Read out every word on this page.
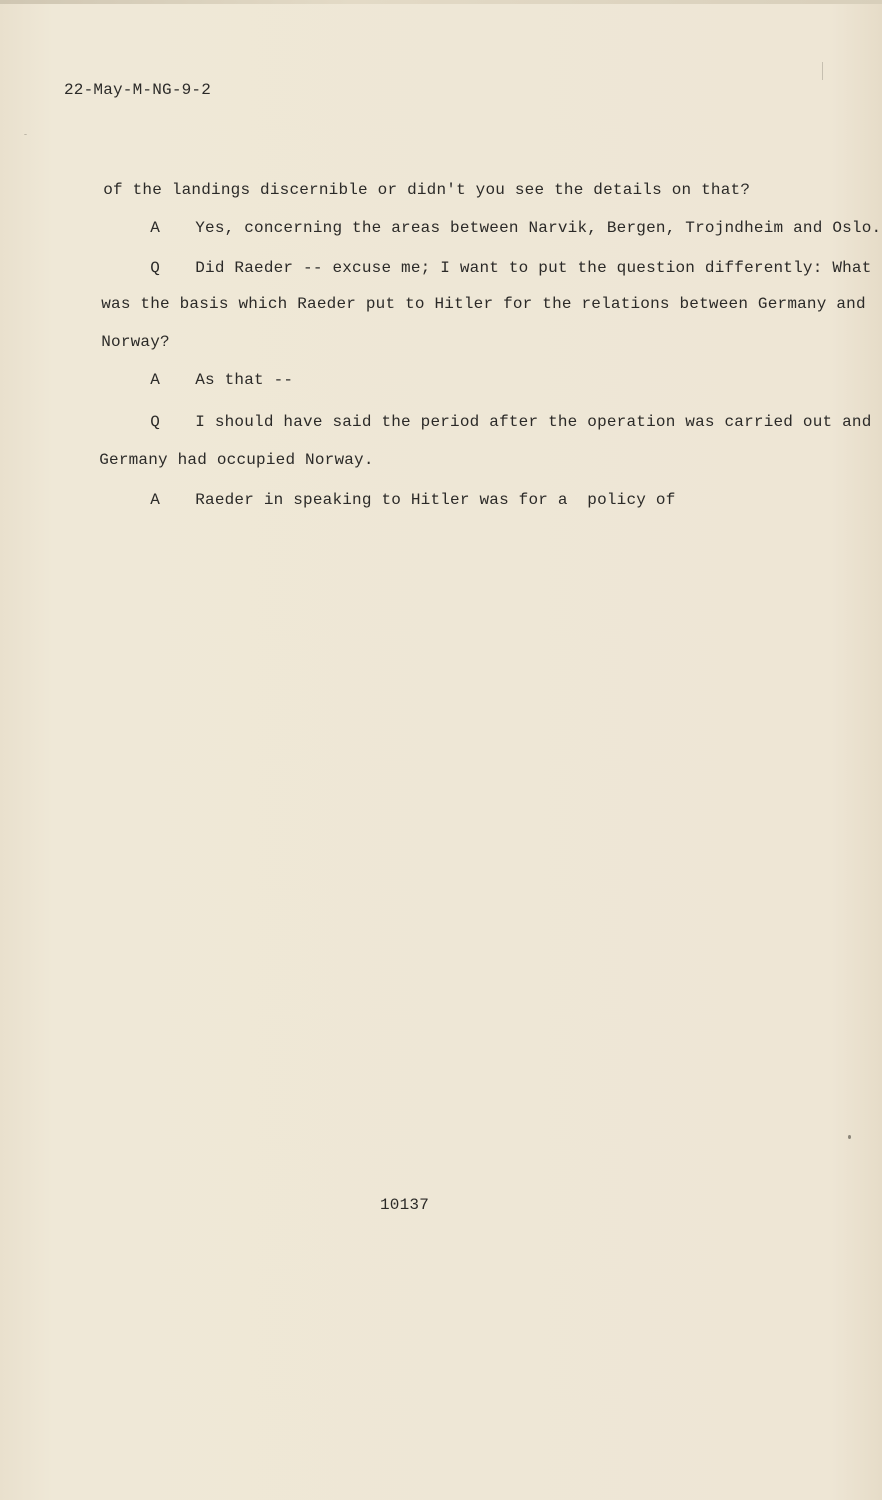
22-May-M-NG-9-2

of the landings discernible or didn't you see the details on that?

A Yes, concerning the areas between Narvik, Bergen, Trojndheim and Oslo.

Q Did Raeder -- excuse me; I want to put the question differently: What

was the basis which Raeder put to Hitler for the relations between Germany and

Norway?

A As that --

Q I should have said the period after the operation was carried out and

Germany had occupied Norway.

A Raeder in speaking to Hitler was for a  policy of

10137
